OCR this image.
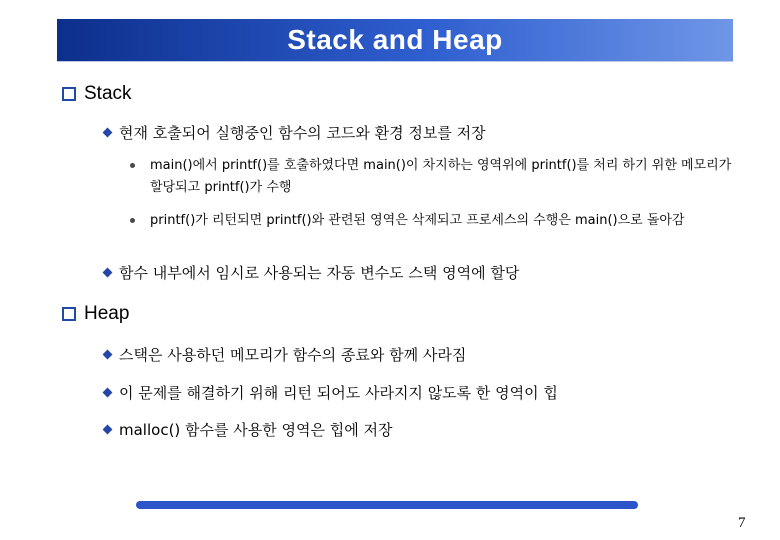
Stack and Heap
Stack
현재 호출되어 실행중인 함수의 코드와 환경 정보를 저장
main()에서 printf()를 호출하였다면 main()이 차지하는 영역위에 printf()를 처리 하기 위한 메모리가 할당되고 printf()가 수행
printf()가 리턴되면 printf()와 관련된 영역은 삭제되고 프로세스의 수행은 main()으로 돌아감
함수 내부에서 임시로 사용되는 자동 변수도 스택 영역에 할당
Heap
스택은 사용하던 메모리가 함수의 종료와 함께 사라짐
이 문제를 해결하기 위해 리턴 되어도 사라지지 않도록 한 영역이 힙
malloc() 함수를 사용한 영역은 힙에 저장
7
